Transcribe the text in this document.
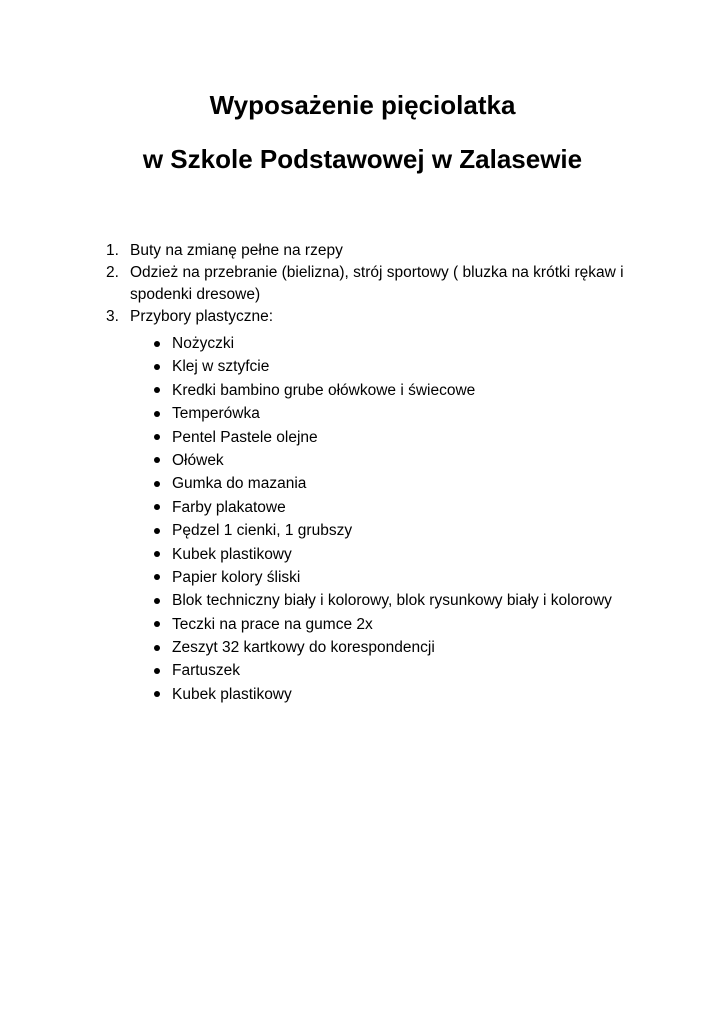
Wyposażenie pięciolatka
w Szkole Podstawowej w Zalasewie
1. Buty na zmianę pełne na rzepy
2. Odzież na przebranie (bielizna), strój sportowy ( bluzka na krótki rękaw i spodenki dresowe)
3. Przybory plastyczne:
Nożyczki
Klej w sztyfcie
Kredki bambino grube ołówkowe i świecowe
Temperówka
Pentel Pastele olejne
Ołówek
Gumka do mazania
Farby plakatowe
Pędzel 1 cienki, 1 grubszy
Kubek plastikowy
Papier kolory śliski
Blok techniczny biały i kolorowy, blok rysunkowy biały i kolorowy
Teczki na prace na gumce 2x
Zeszyt 32 kartkowy do korespondencji
Fartuszek
Kubek plastikowy
